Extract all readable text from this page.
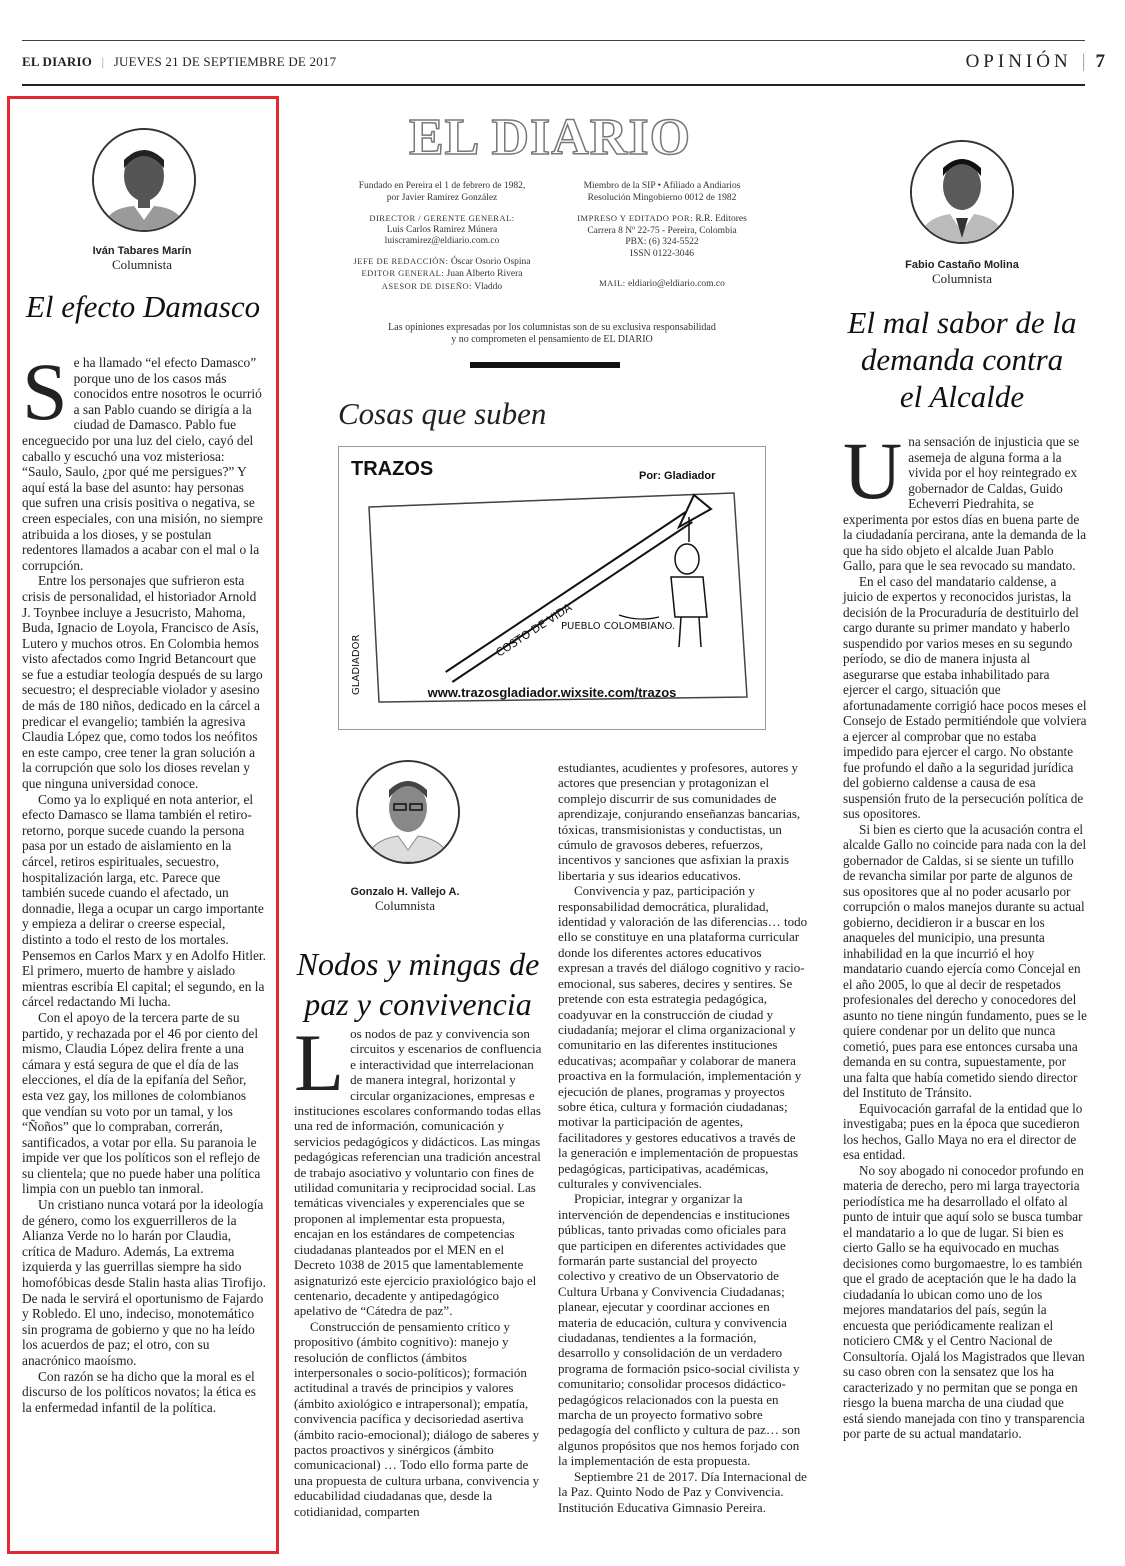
EL DIARIO | JUEVES 21 DE SEPTIEMBRE DE 2017	OPINIÓN | 7
Iván Tabares Marín
Columnista
El efecto Damasco

Se ha llamado “el efecto Damasco” porque uno de los casos más conocidos entre nosotros le ocurrió a san Pablo cuando se dirigía a la ciudad de Damasco. Pablo fue enceguecido por una luz del cielo, cayó del caballo y escuchó una voz misteriosa: “Saulo, Saulo, ¿por qué me persigues?” Y aquí está la base del asunto: hay personas que sufren una crisis positiva o negativa, se creen especiales, con una misión, no siempre atribuida a los dioses, y se postulan redentores llamados a acabar con el mal o la corrupción.

Entre los personajes que sufrieron esta crisis de personalidad, el historiador Arnold J. Toynbee incluye a Jesucristo, Mahoma, Buda, Ignacio de Loyola, Francisco de Asís, Lutero y muchos otros. En Colombia hemos visto afectados como Ingrid Betancourt que se fue a estudiar teología después de su largo secuestro; el despreciable violador y asesino de más de 180 niños, dedicado en la cárcel a predicar el evangelio; también la agresiva Claudia López que, como todos los neófitos en este campo, cree tener la gran solución a la corrupción que solo los dioses revelan y que ninguna universidad conoce.

Como ya lo expliqué en nota anterior, el efecto Damasco se llama también el retiro-retorno, porque sucede cuando la persona pasa por un estado de aislamiento en la cárcel, retiros espirituales, secuestro, hospitalización larga, etc. Parece que también sucede cuando el afectado, un donnadie, llega a ocupar un cargo importante y empieza a delirar o creerse especial, distinto a todo el resto de los mortales. Pensemos en Carlos Marx y en Adolfo Hitler. El primero, muerto de hambre y aislado mientras escribía El capital; el segundo, en la cárcel redactando Mi lucha.

Con el apoyo de la tercera parte de su partido, y rechazada por el 46 por ciento del mismo, Claudia López delira frente a una cámara y está segura de que el día de las elecciones, el día de la epifanía del Señor, esta vez gay, los millones de colombianos que vendían su voto por un tamal, y los “Ñoños” que lo compraban, correrán, santificados, a votar por ella. Su paranoia le impide ver que los políticos son el reflejo de su clientela; que no puede haber una política limpia con un pueblo tan inmoral.

Un cristiano nunca votará por la ideología de género, como los exguerrilleros de la Alianza Verde no lo harán por Claudia, crítica de Maduro. Además, La extrema izquierda y las guerrillas siempre ha sido homofóbicas desde Stalin hasta alias Tirofijo. De nada le servirá el oportunismo de Fajardo y Robledo. El uno, indeciso, monotemático sin programa de gobierno y que no ha leído los acuerdos de paz; el otro, con su anacrónico maoísmo.

Con razón se ha dicho que la moral es el discurso de los políticos novatos; la ética es la enfermedad infantil de la política.

EL DIARIO
Fundado en Pereira el 1 de febrero de 1982,
por Javier Ramírez González
DIRECTOR / GERENTE GENERAL:
Luis Carlos Ramírez Múnera
luiscramirez@eldiario.com.co
JEFE DE REDACCIÓN: Óscar Osorio Ospina
EDITOR GENERAL: Juan Alberto Rivera
ASESOR DE DISEÑO: Vladdo
Miembro de la SIP • Afiliado a Andiarios
Resolución Mingobierno 0012 de 1982
IMPRESO Y EDITADO POR: R.R. Editores
Carrera 8 Nº 22-75 - Pereira, Colombia
PBX: (6) 324-5522
ISSN 0122-3046
MAIL: eldiario@eldiario.com.co
Las opiniones expresadas por los columnistas son de su exclusiva responsabilidad
y no comprometen el pensamiento de EL DIARIO
Cosas que suben
TRAZOS	Por: Gladiador
COSTO DE VIDA
PUEBLO COLOMBIANO.
GLADIADOR	www.trazosgladiador.wixsite.com/trazos
Gonzalo H. Vallejo A.
Columnista
Nodos y mingas de
paz y convivencia

Los nodos de paz y convivencia son circuitos y escenarios de confluencia e interactividad que interrelacionan de manera integral, horizontal y circular organizaciones, empresas e instituciones escolares conformando todas ellas una red de información, comunicación y servicios pedagógicos y didácticos. Las mingas pedagógicas referencian una tradición ancestral de trabajo asociativo y voluntario con fines de utilidad comunitaria y reciprocidad social. Las temáticas vivenciales y experenciales que se proponen al implementar esta propuesta, encajan en los estándares de competencias ciudadanas planteados por el MEN en el Decreto 1038 de 2015 que lamentablemente asignaturizó este ejercicio praxiológico bajo el centenario, decadente y antipedagógico apelativo de “Cátedra de paz”.

Construcción de pensamiento crítico y propositivo (ámbito cognitivo): manejo y resolución de conflictos (ámbitos interpersonales o socio-políticos); formación actitudinal a través de principios y valores (ámbito axiológico e intrapersonal); empatía, convivencia pacífica y decisoriedad asertiva (ámbito racio-emocional); diálogo de saberes y pactos proactivos y sinérgicos (ámbito comunicacional) … Todo ello forma parte de una propuesta de cultura urbana, convivencia y educabilidad ciudadanas que, desde la cotidianidad, comparten

estudiantes, acudientes y profesores, autores y actores que presencian y protagonizan el complejo discurrir de sus comunidades de aprendizaje, conjurando enseñanzas bancarias, tóxicas, transmisionistas y conductistas, un cúmulo de gravosos deberes, refuerzos, incentivos y sanciones que asfixian la praxis libertaria y sus idearios educativos.

Convivencia y paz, participación y responsabilidad democrática, pluralidad, identidad y valoración de las diferencias… todo ello se constituye en una plataforma curricular donde los diferentes actores educativos expresan a través del diálogo cognitivo y racio-emocional, sus saberes, decires y sentires. Se pretende con esta estrategia pedagógica, coadyuvar en la construcción de ciudad y ciudadanía; mejorar el clima organizacional y comunitario en las diferentes instituciones educativas; acompañar y colaborar de manera proactiva en la formulación, implementación y ejecución de planes, programas y proyectos sobre ética, cultura y formación ciudadanas; motivar la participación de agentes, facilitadores y gestores educativos a través de la generación e implementación de propuestas pedagógicas, participativas, académicas, culturales y convivenciales.

Propiciar, integrar y organizar la intervención de dependencias e instituciones públicas, tanto privadas como oficiales para que participen en diferentes actividades que formarán parte sustancial del proyecto colectivo y creativo de un Observatorio de Cultura Urbana y Convivencia Ciudadanas; planear, ejecutar y coordinar acciones en materia de educación, cultura y convivencia ciudadanas, tendientes a la formación, desarrollo y consolidación de un verdadero programa de formación psico-social civilista y comunitario; consolidar procesos didáctico-pedagógicos relacionados con la puesta en marcha de un proyecto formativo sobre pedagogía del conflicto y cultura de paz… son algunos propósitos que nos hemos forjado con la implementación de esta propuesta.

Septiembre 21 de 2017. Día Internacional de la Paz. Quinto Nodo de Paz y Convivencia. Institución Educativa Gimnasio Pereira.

Fabio Castaño Molina
Columnista
El mal sabor de la
demanda contra
el Alcalde

Una sensación de injusticia que se asemeja de alguna forma a la vivida por el hoy reintegrado ex gobernador de Caldas, Guido Echeverri Piedrahita, se experimenta por estos días en buena parte de la ciudadanía percirana, ante la demanda de la que ha sido objeto el alcalde Juan Pablo Gallo, para que le sea revocado su mandato.

En el caso del mandatario caldense, a juicio de expertos y reconocidos juristas, la decisión de la Procuraduría de destituirlo del cargo durante su primer mandato y haberlo suspendido por varios meses en su segundo período, se dio de manera injusta al asegurarse que estaba inhabilitado para ejercer el cargo, situación que afortunadamente corrigió hace pocos meses el Consejo de Estado permitiéndole que volviera a ejercer al comprobar que no estaba impedido para ejercer el cargo. No obstante fue profundo el daño a la seguridad jurídica del gobierno caldense a causa de esa suspensión fruto de la persecución política de sus opositores.

Si bien es cierto que la acusación contra el alcalde Gallo no coincide para nada con la del gobernador de Caldas, si se siente un tufillo de revancha similar por parte de algunos de sus opositores que al no poder acusarlo por corrupción o malos manejos durante su actual gobierno, decidieron ir a buscar en los anaqueles del municipio, una presunta inhabilidad en la que incurrió el hoy mandatario cuando ejercía como Concejal en el año 2005, lo que al decir de respetados profesionales del derecho y conocedores del asunto no tiene ningún fundamento, pues se le quiere condenar por un delito que nunca cometió, pues para ese entonces cursaba una demanda en su contra, supuestamente, por una falta que había cometido siendo director del Instituto de Tránsito.

Equivocación garrafal de la entidad que lo investigaba; pues en la época que sucedieron los hechos, Gallo Maya no era el director de esa entidad.

No soy abogado ni conocedor profundo en materia de derecho, pero mi larga trayectoria periodística me ha desarrollado el olfato al punto de intuir que aquí solo se busca tumbar el mandatario a lo que de lugar. Si bien es cierto Gallo se ha equivocado en muchas decisiones como burgomaestre, lo es también que el grado de aceptación que le ha dado la ciudadanía lo ubican como uno de los mejores mandatarios del país, según la encuesta que periódicamente realizan el noticiero CM& y el Centro Nacional de Consultoría. Ojalá los Magistrados que llevan su caso obren con la sensatez que los ha caracterizado y no permitan que se ponga en riesgo la buena marcha de una ciudad que está siendo manejada con tino y transparencia por parte de su actual mandatario.
